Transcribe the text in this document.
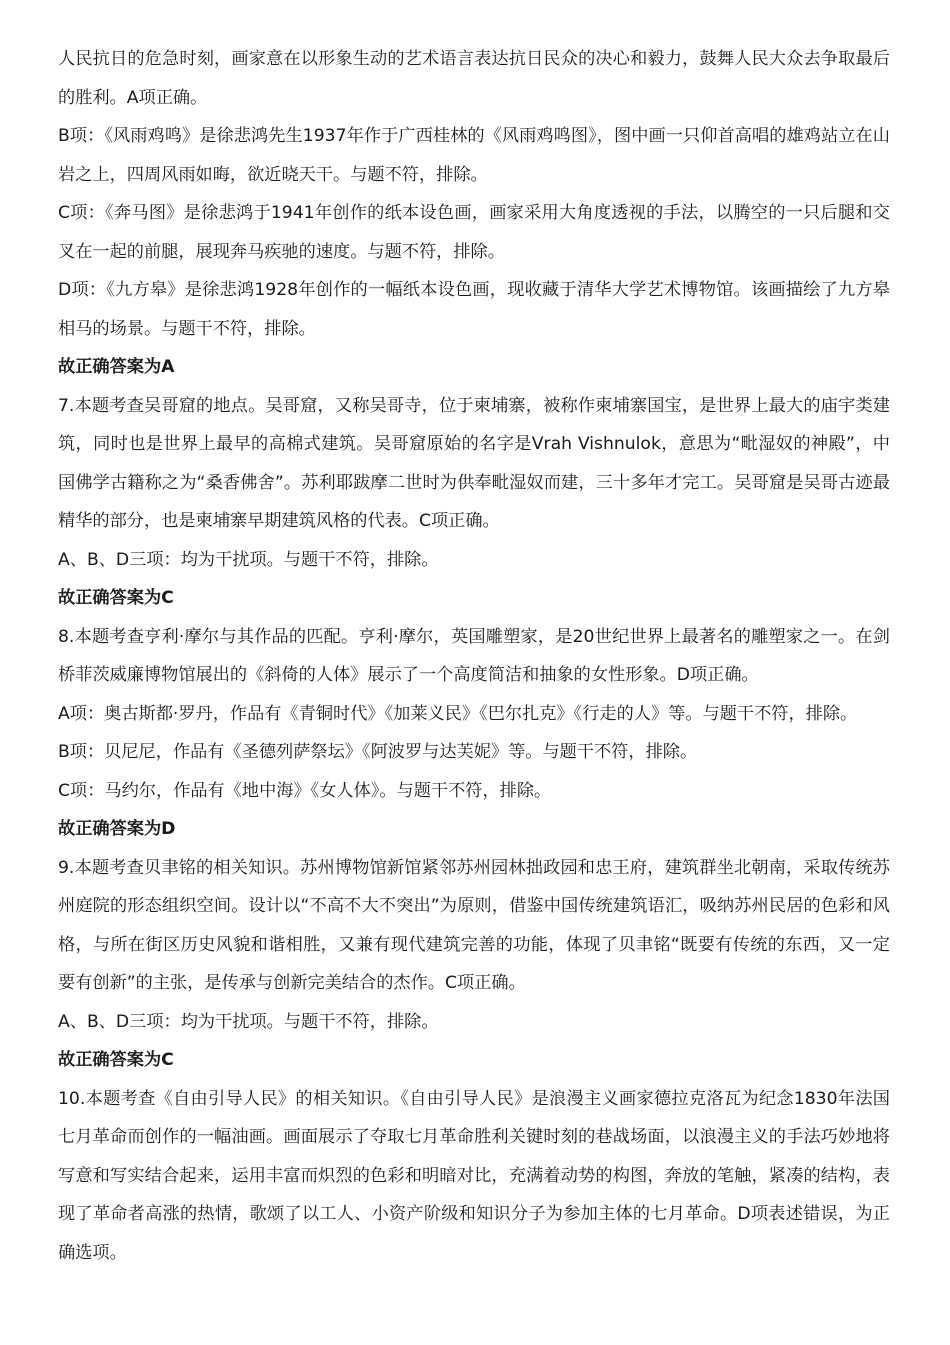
人民抗日的危急时刻，画家意在以形象生动的艺术语言表达抗日民众的决心和毅力，鼓舞人民大众去争取最后的胜利。A项正确。

B项：《风雨鸡鸣》是徐悲鸿先生1937年作于广西桂林的《风雨鸡鸣图》，图中画一只仰首高唱的雄鸡站立在山岩之上，四周风雨如晦，欲近晓天干。与题不符，排除。

C项：《奔马图》是徐悲鸿于1941年创作的纸本设色画，画家采用大角度透视的手法，以腾空的一只后腿和交叉在一起的前腿，展现奔马疾驰的速度。与题不符，排除。

D项：《九方皋》是徐悲鸿1928年创作的一幅纸本设色画，现收藏于清华大学艺术博物馆。该画描绘了九方皋相马的场景。与题干不符，排除。

故正确答案为A

7.本题考查吴哥窟的地点。吴哥窟，又称吴哥寺，位于柬埔寨，被称作柬埔寨国宝，是世界上最大的庙宇类建筑，同时也是世界上最早的高棉式建筑。吴哥窟原始的名字是Vrah Vishnulok，意思为“毗湿奴的神殿”，中国佛学古籍称之为“桑香佛舍”。苏利耶跋摩二世时为供奉毗湿奴而建，三十多年才完工。吴哥窟是吴哥古迹最精华的部分，也是柬埔寨早期建筑风格的代表。C项正确。

A、B、D三项：均为干扰项。与题干不符，排除。

故正确答案为C

8.本题考查亨利·摩尔与其作品的匹配。亨利·摩尔，英国雕塑家，是20世纪世界上最著名的雕塑家之一。在剑桥菲茨威廉博物馆展出的《斜倚的人体》展示了一个高度简洁和抽象的女性形象。D项正确。

A项：奥古斯都·罗丹，作品有《青铜时代》《加莱义民》《巴尔扎克》《行走的人》等。与题干不符，排除。

B项：贝尼尼，作品有《圣德列萨祭坛》《阿波罗与达芙妮》等。与题干不符，排除。

C项：马约尔，作品有《地中海》《女人体》。与题干不符，排除。

故正确答案为D

9.本题考查贝聿铭的相关知识。苏州博物馆新馆紧邻苏州园林拙政园和忠王府，建筑群坐北朝南，采取传统苏州庭院的形态组织空间。设计以“不高不大不突出”为原则，借鉴中国传统建筑语汇，吸纳苏州民居的色彩和风格，与所在街区历史风貌和谐相胜，又兼有现代建筑完善的功能，体现了贝聿铭“既要有传统的东西，又一定要有创新”的主张，是传承与创新完美结合的杰作。C项正确。

A、B、D三项：均为干扰项。与题干不符，排除。

故正确答案为C

10.本题考查《自由引导人民》的相关知识。《自由引导人民》是浪漫主义画家德拉克洛瓦为纪念1830年法国七月革命而创作的一幅油画。画面展示了夺取七月革命胜利关键时刻的巷战场面，以浪漫主义的手法巧妙地将写意和写实结合起来，运用丰富而炽烈的色彩和明暗对比，充满着动势的构图，奔放的笔触，紧凑的结构，表现了革命者高涨的热情，歌颂了以工人、小资产阶级和知识分子为参加主体的七月革命。D项表述错误，为正确选项。
